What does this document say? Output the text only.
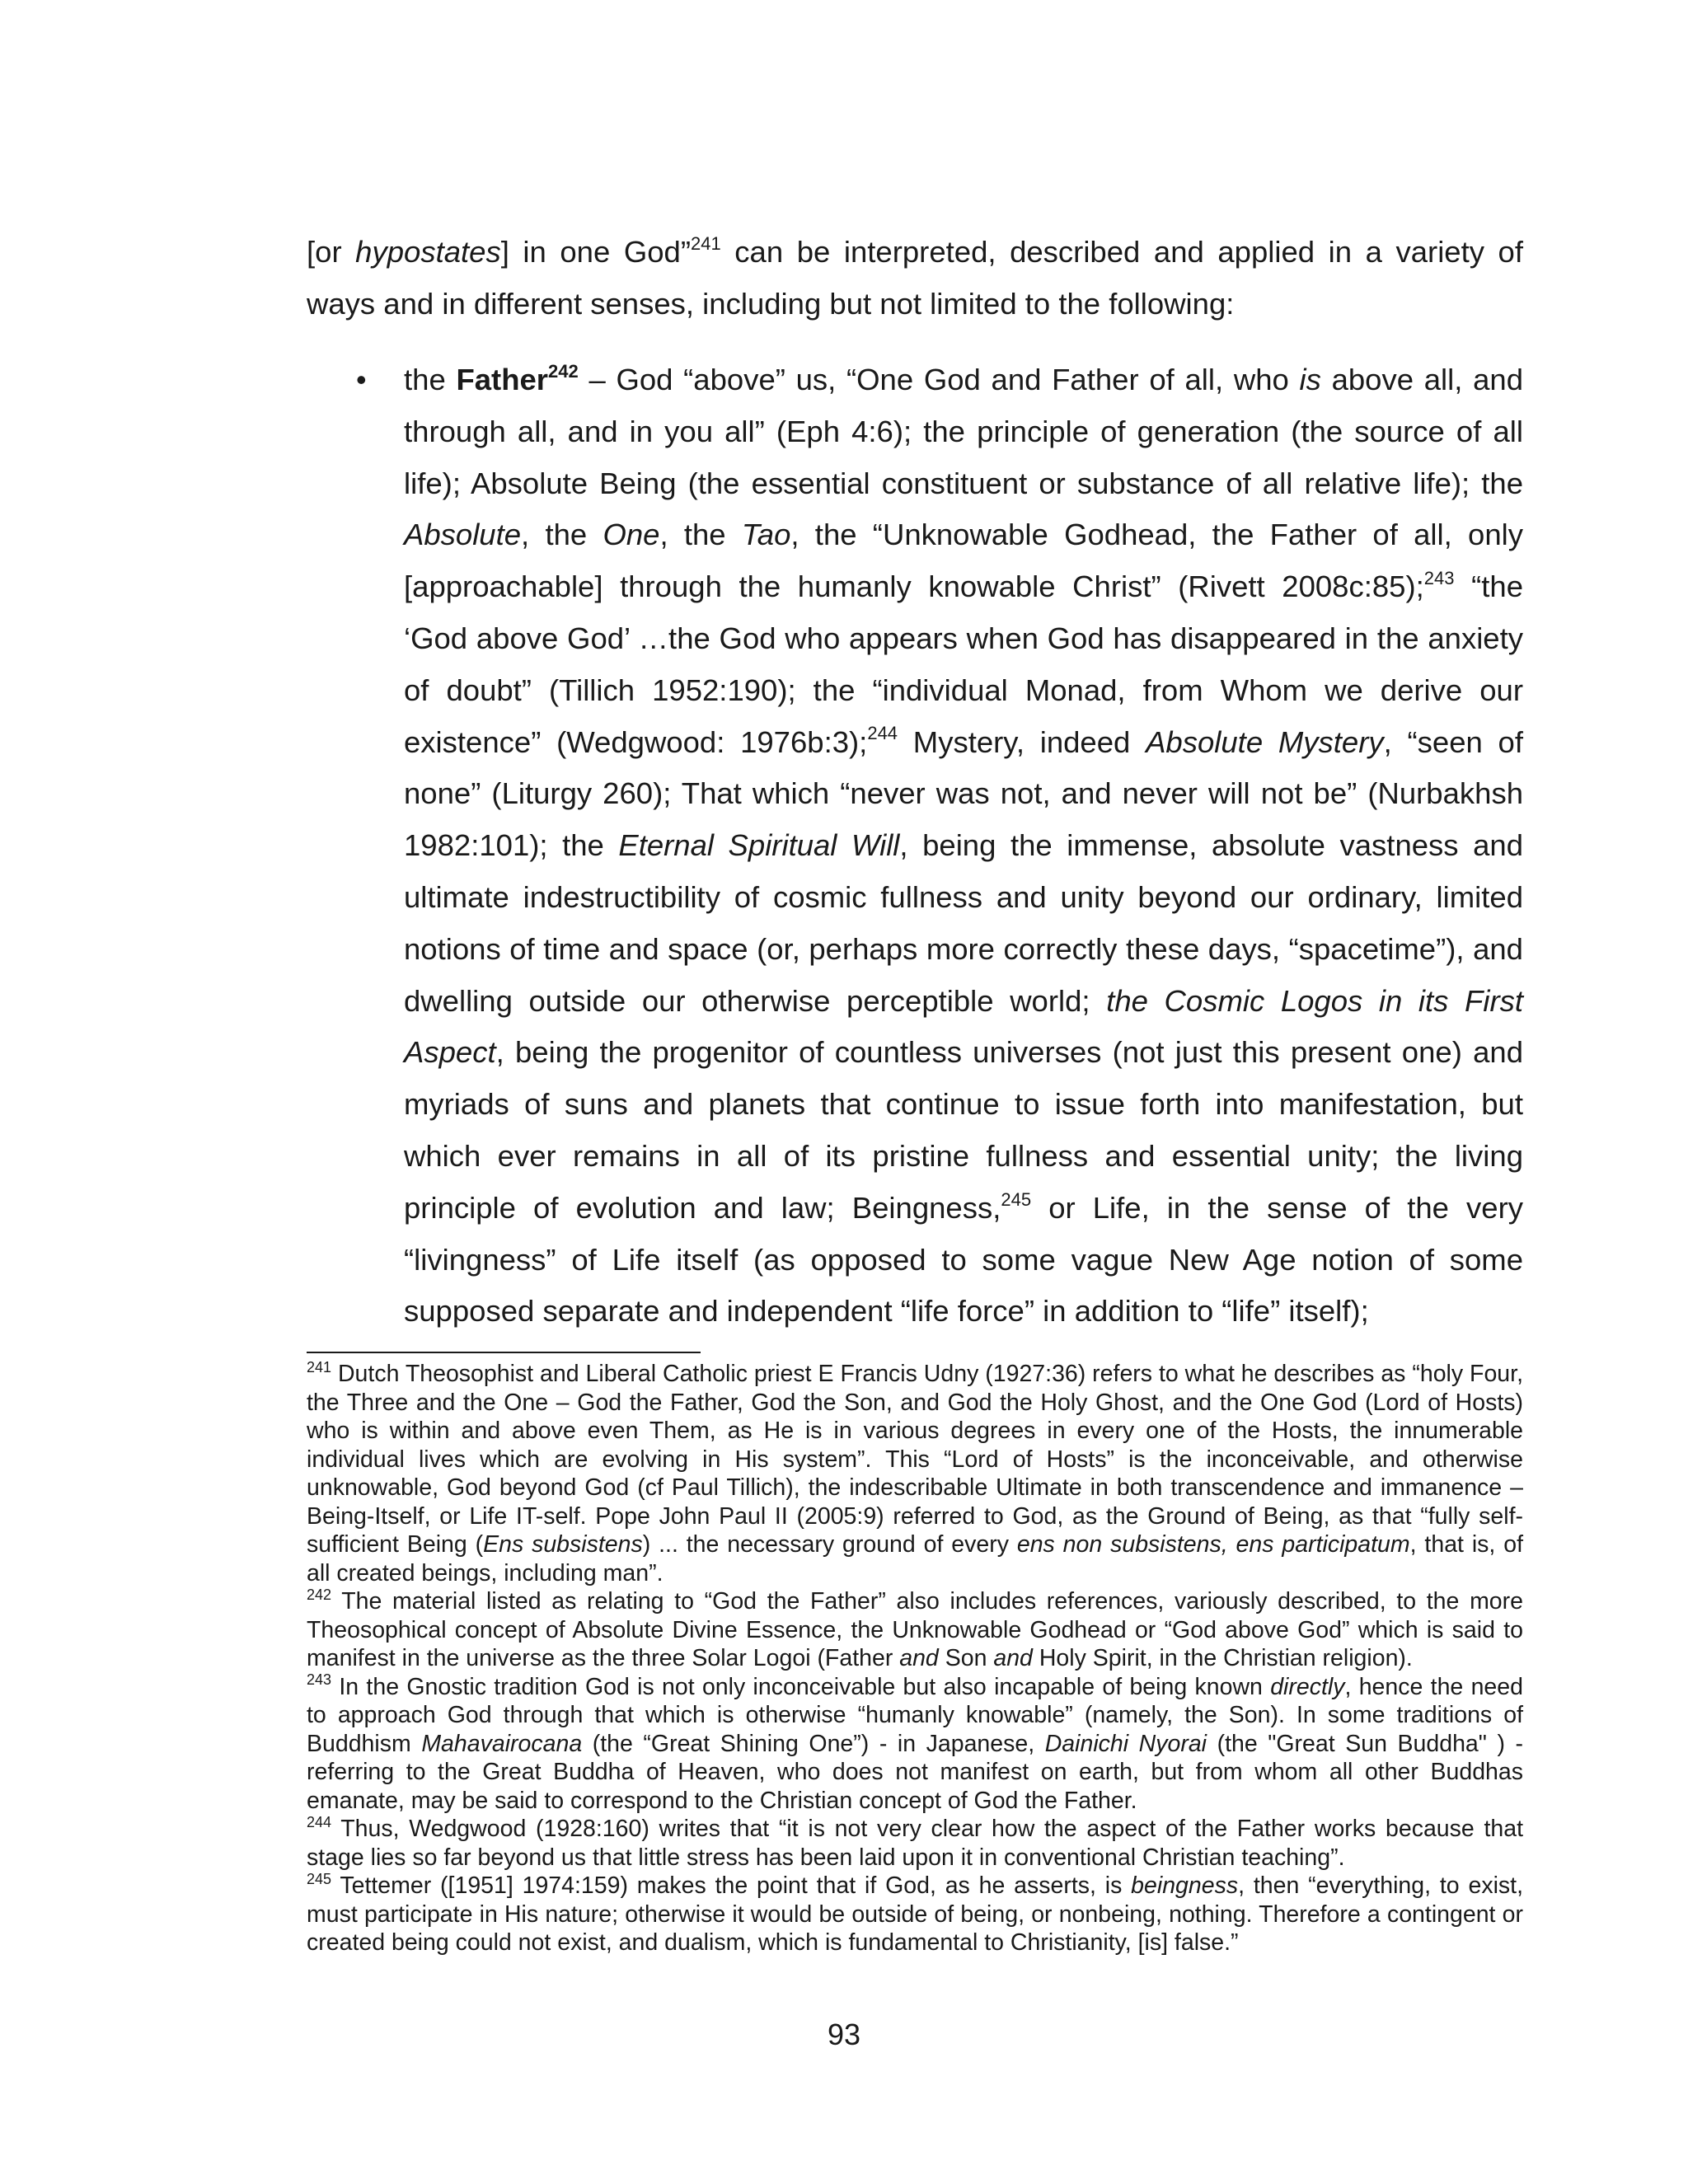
[or hypostates] in one God”$^{241}$ can be interpreted, described and applied in a variety of ways and in different senses, including but not limited to the following:

• the Father$^{242}$ – God “above” us, “One God and Father of all, who is above all, and through all, and in you all” (Eph 4:6); the principle of generation (the source of all life); Absolute Being (the essential constituent or substance of all relative life); the Absolute, the One, the Tao, the “Unknowable Godhead, the Father of all, only [approachable] through the humanly knowable Christ” (Rivett 2008c:85);$^{243}$ “the ‘God above God’ …the God who appears when God has disappeared in the anxiety of doubt” (Tillich 1952:190); the “individual Monad, from Whom we derive our existence” (Wedgwood: 1976b:3);$^{244}$ Mystery, indeed Absolute Mystery, “seen of none” (Liturgy 260); That which “never was not, and never will not be” (Nurbakhsh 1982:101); the Eternal Spiritual Will, being the immense, absolute vastness and ultimate indestructibility of cosmic fullness and unity beyond our ordinary, limited notions of time and space (or, perhaps more correctly these days, “spacetime”), and dwelling outside our otherwise perceptible world; the Cosmic Logos in its First Aspect, being the progenitor of countless universes (not just this present one) and myriads of suns and planets that continue to issue forth into manifestation, but which ever remains in all of its pristine fullness and essential unity; the living principle of evolution and law; Beingness,$^{245}$ or Life, in the sense of the very “livingness” of Life itself (as opposed to some vague New Age notion of some supposed separate and independent “life force” in addition to “life” itself);

$^{241}$ Dutch Theosophist and Liberal Catholic priest E Francis Udny (1927:36) refers to what he describes as “holy Four, the Three and the One – God the Father, God the Son, and God the Holy Ghost, and the One God (Lord of Hosts) who is within and above even Them, as He is in various degrees in every one of the Hosts, the innumerable individual lives which are evolving in His system”. This “Lord of Hosts” is the inconceivable, and otherwise unknowable, God beyond God (cf Paul Tillich), the indescribable Ultimate in both transcendence and immanence – Being-Itself, or Life IT-self. Pope John Paul II (2005:9) referred to God, as the Ground of Being, as that “fully self-sufficient Being (Ens subsistens) ... the necessary ground of every ens non subsistens, ens participatum, that is, of all created beings, including man”.

$^{242}$ The material listed as relating to “God the Father” also includes references, variously described, to the more Theosophical concept of Absolute Divine Essence, the Unknowable Godhead or “God above God” which is said to manifest in the universe as the three Solar Logoi (Father and Son and Holy Spirit, in the Christian religion).

$^{243}$ In the Gnostic tradition God is not only inconceivable but also incapable of being known directly, hence the need to approach God through that which is otherwise “humanly knowable” (namely, the Son). In some traditions of Buddhism Mahavairocana (the “Great Shining One”) - in Japanese, Dainichi Nyorai (the "Great Sun Buddha" ) - referring to the Great Buddha of Heaven, who does not manifest on earth, but from whom all other Buddhas emanate, may be said to correspond to the Christian concept of God the Father.

$^{244}$ Thus, Wedgwood (1928:160) writes that “it is not very clear how the aspect of the Father works because that stage lies so far beyond us that little stress has been laid upon it in conventional Christian teaching”.

$^{245}$ Tettemer ([1951] 1974:159) makes the point that if God, as he asserts, is beingness, then “everything, to exist, must participate in His nature; otherwise it would be outside of being, or nonbeing, nothing. Therefore a contingent or created being could not exist, and dualism, which is fundamental to Christianity, [is] false.”

93
